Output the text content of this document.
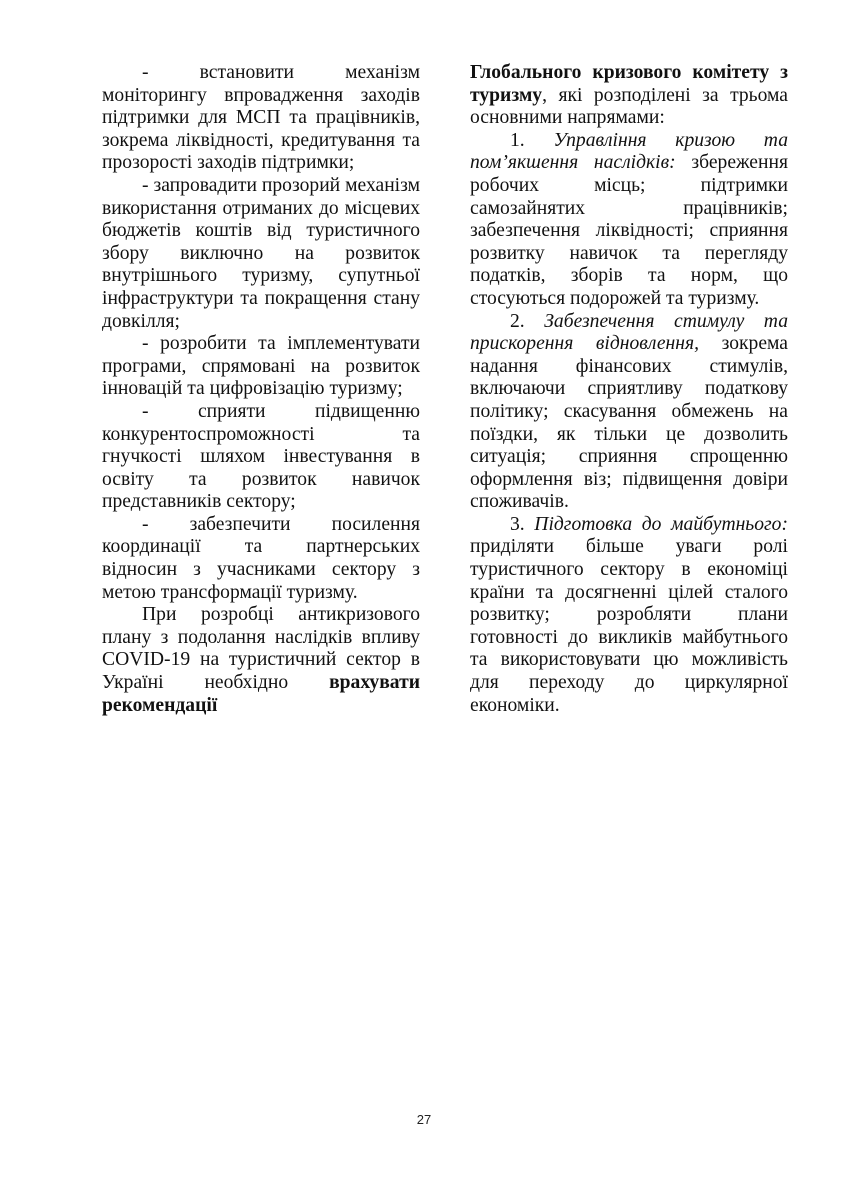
- встановити механізм моніторингу впровадження заходів підтримки для МСП та працівників, зокрема ліквідності, кредитування та прозорості заходів підтримки;

- запровадити прозорий механізм використання отриманих до місцевих бюджетів коштів від туристичного збору виключно на розвиток внутрішнього туризму, супутньої інфраструктури та покращення стану довкілля;

- розробити та імплементувати програми, спрямовані на розвиток інновацій та цифровізацію туризму;

- сприяти підвищенню конкурентоспроможності та гнучкості шляхом інвестування в освіту та розвиток навичок представників сектору;

- забезпечити посилення координації та партнерських відносин з учасниками сектору з метою трансформації туризму.

При розробці антикризового плану з подолання наслідків впливу COVID-19 на туристичний сектор в Україні необхідно врахувати рекомендації

Глобального кризового комітету з туризму, які розподілені за трьома основними напрямами:

1. Управління кризою та пом’якшення наслідків: збереження робочих місць; підтримки самозайнятих працівників; забезпечення ліквідності; сприяння розвитку навичок та перегляду податків, зборів та норм, що стосуються подорожей та туризму.

2. Забезпечення стимулу та прискорення відновлення, зокрема надання фінансових стимулів, включаючи сприятливу податкову політику; скасування обмежень на поїздки, як тільки це дозволить ситуація; сприяння спрощенню оформлення віз; підвищення довіри споживачів.

3. Підготовка до майбутнього: приділяти більше уваги ролі туристичного сектору в економіці країни та досягненні цілей сталого розвитку; розробляти плани готовності до викликів майбутнього та використовувати цю можливість для переходу до циркулярної економіки.

27
